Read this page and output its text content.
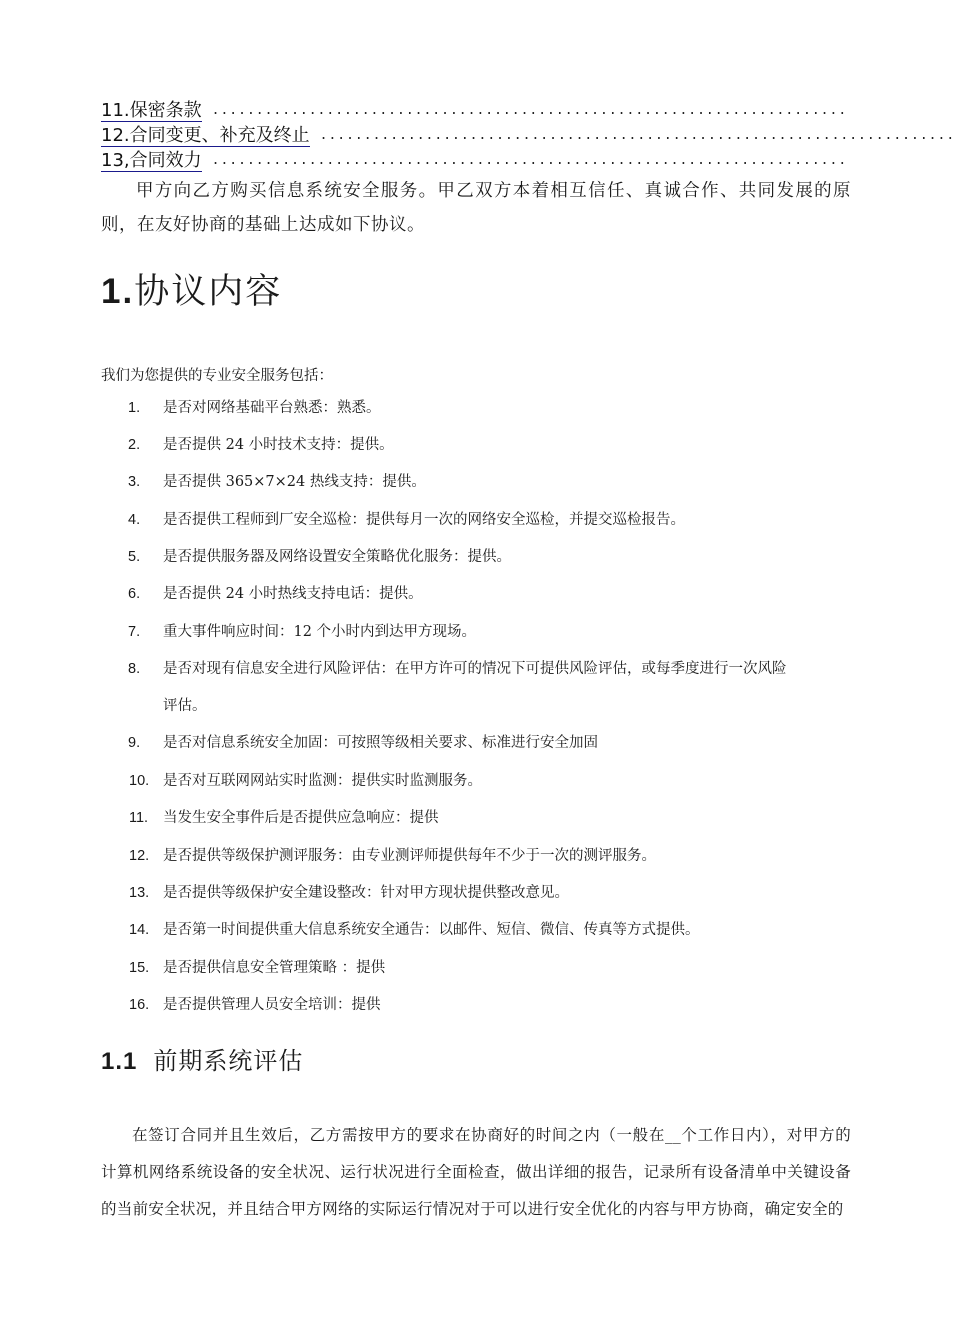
11.保密条款 ........................................................................
12.合同变更、补充及终止 ........................................................................
13,合同效力 ........................................................................
甲方向乙方购买信息系统安全服务。甲乙双方本着相互信任、真诚合作、共同发展的原则，在友好协商的基础上达成如下协议。
1.协议内容
我们为您提供的专业安全服务包括：
1.	是否对网络基础平台熟悉：熟悉。
2.	是否提供 24 小时技术支持：提供。
3.	是否提供 365×7×24 热线支持：提供。
4.	是否提供工程师到厂安全巡检：提供每月一次的网络安全巡检，并提交巡检报告。
5.	是否提供服务器及网络设置安全策略优化服务：提供。
6.	是否提供 24 小时热线支持电话：提供。
7.	重大事件响应时间：12 个小时内到达甲方现场。
8.	是否对现有信息安全进行风险评估：在甲方许可的情况下可提供风险评估，或每季度进行一次风险
评估。
9.	是否对信息系统安全加固：可按照等级相关要求、标准进行安全加固
10. 是否对互联网网站实时监测：提供实时监测服务。
11.	当发生安全事件后是否提供应急响应：提供
12. 是否提供等级保护测评服务：由专业测评师提供每年不少于一次的测评服务。
13. 是否提供等级保护安全建设整改：针对甲方现状提供整改意见。
14. 是否第一时间提供重大信息系统安全通告：以邮件、短信、微信、传真等方式提供。
15. 是否提供信息安全管理策略 ：提供
16. 是否提供管理人员安全培训：提供
1.1 前期系统评估
在签订合同并且生效后，乙方需按甲方的要求在协商好的时间之内（一般在__个工作日内），对甲方的计算机网络系统设备的安全状况、运行状况进行全面检查，做出详细的报告，记录所有设备清单中关键设备的当前安全状况，并且结合甲方网络的实际运行情况对于可以进行安全优化的内容与甲方协商，确定安全的
